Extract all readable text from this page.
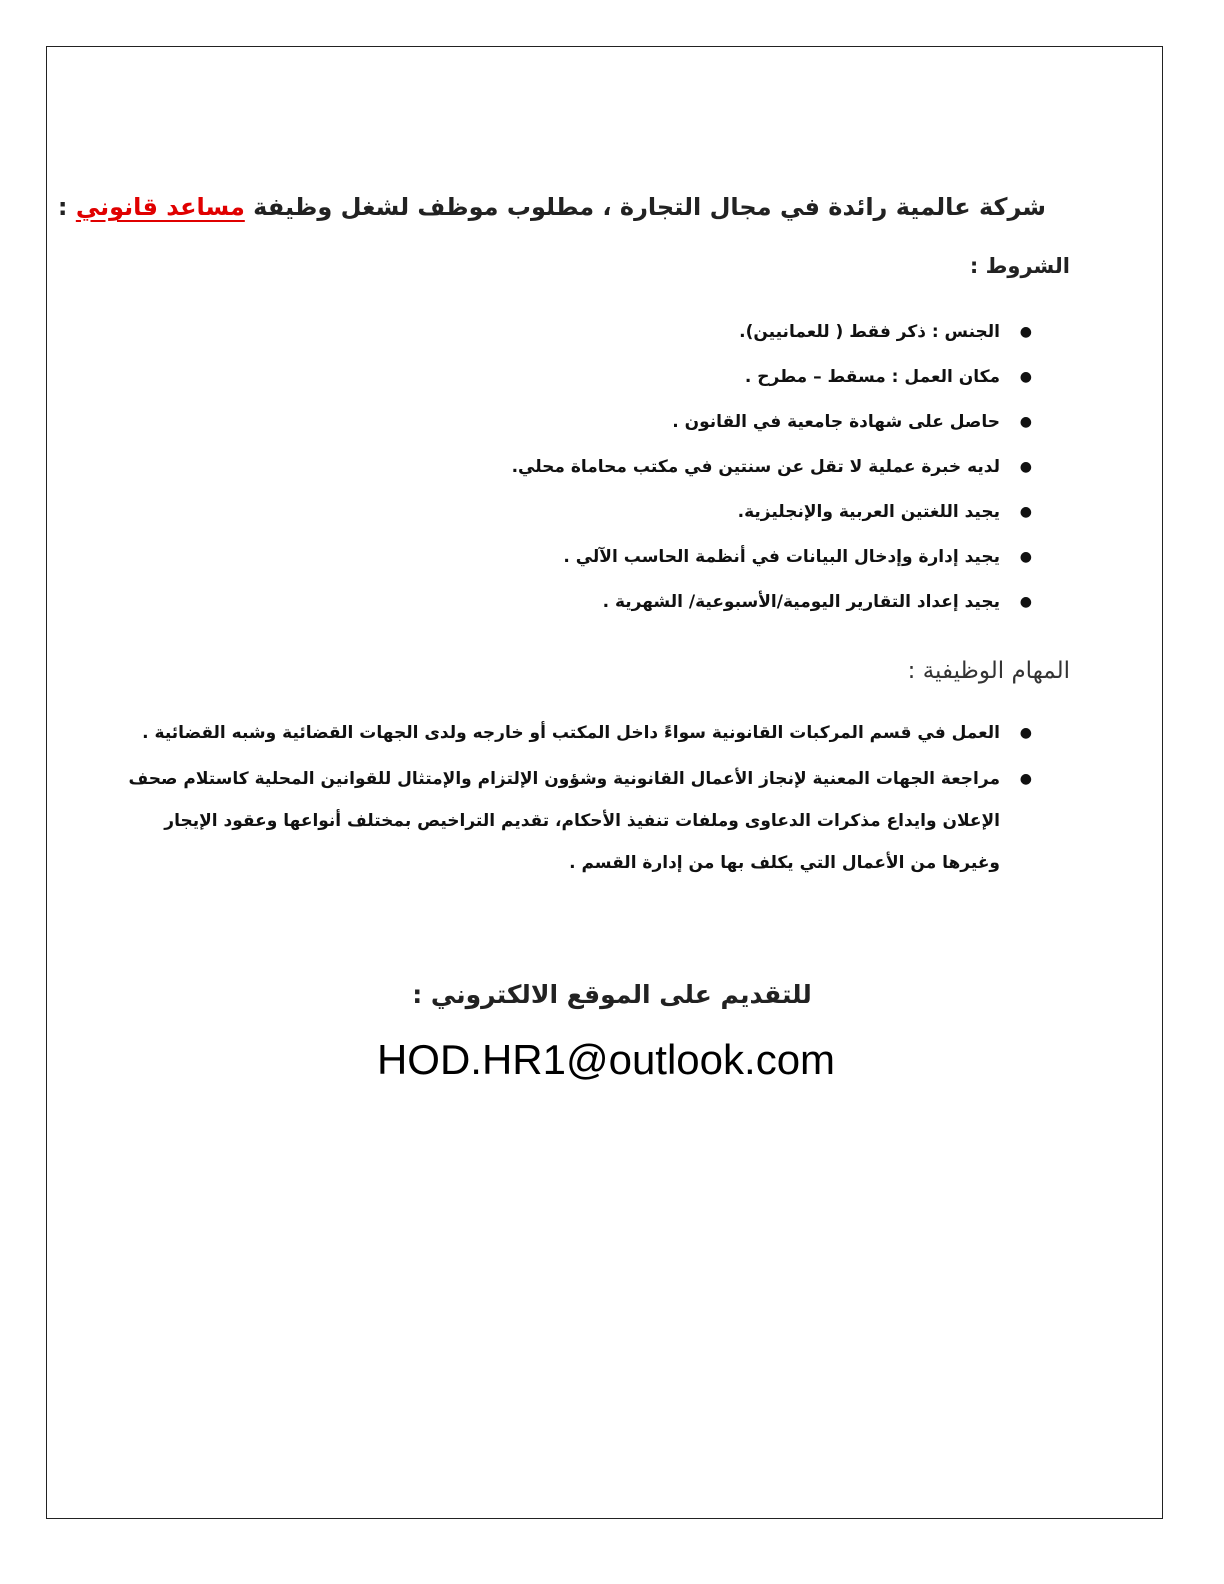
شركة عالمية رائدة في مجال التجارة ، مطلوب موظف لشغل وظيفة مساعد قانوني :
الشروط :
●
الجنس : ذكر فقط ( للعمانيين).
●
مكان العمل : مسقط – مطرح .
●
حاصل على شهادة جامعية في القانون .
●
لديه خبرة عملية لا تقل عن سنتين في مكتب محاماة محلي.
●
يجيد اللغتين العربية والإنجليزية.
●
يجيد إدارة وإدخال البيانات في أنظمة الحاسب الآلي .
●
يجيد إعداد التقارير اليومية/الأسبوعية/ الشهرية .
المهام الوظيفية :
●
العمل في قسم المركبات القانونية سواءً داخل المكتب أو خارجه ولدى الجهات القضائية وشبه القضائية .
●
مراجعة الجهات المعنية لإنجاز الأعمال القانونية وشؤون الإلتزام والإمتثال للقوانين المحلية كاستلام صحف الإعلان وايداع مذكرات الدعاوى وملفات تنفيذ الأحكام، تقديم التراخيص بمختلف أنواعها وعقود الإيجار وغيرها من الأعمال التي يكلف بها من إدارة القسم .
للتقديم على الموقع الالكتروني :
HOD.HR1@outlook.com
